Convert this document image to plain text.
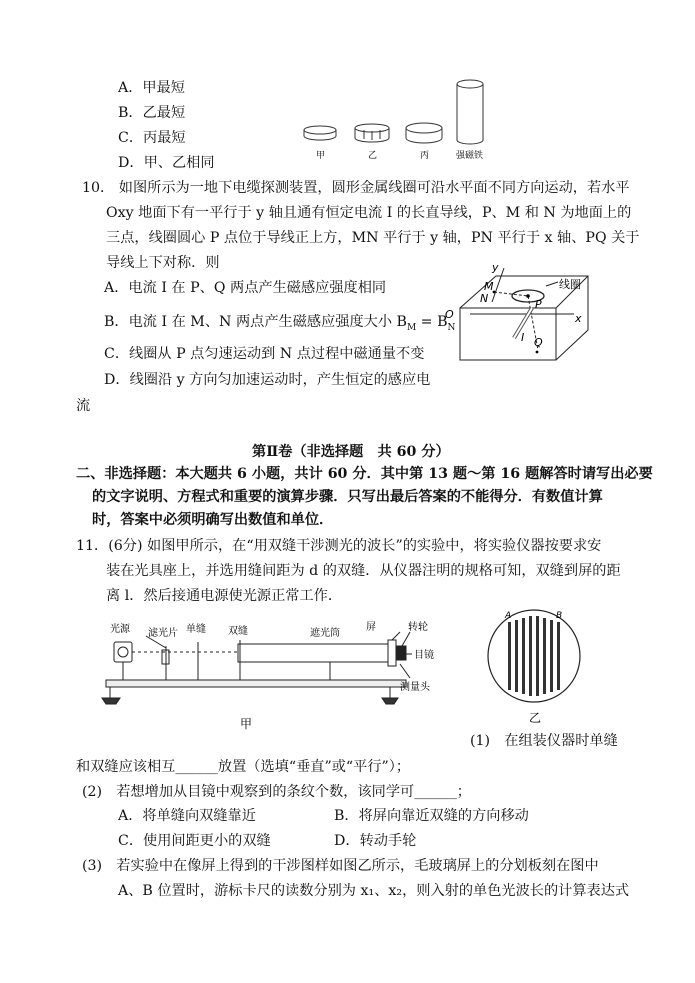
A．甲最短
B．乙最短
C．丙最短
D．甲、乙相同	甲	乙	丙	强磁铁
10． 如图所示为一地下电缆探测装置，圆形金属线圈可沿水平面不同方向运动，若水平
Oxy 地面下有一平行于 y 轴且通有恒定电流 I 的长直导线，P、M 和 N 为地面上的
三点，线圈圆心 P 点位于导线正上方，MN 平行于 y 轴，PN 平行于 x 轴、PQ 关于
导线上下对称．则
A．电流 I 在 P、Q 两点产生磁感应强度相同
B．电流 I 在 M、N 两点产生磁感应强度大小 $B_M = B_N$
C．线圈从 P 点匀速运动到 N 点过程中磁通量不变
D．线圈沿 y 方向匀加速运动时，产生恒定的感应电
流
y
M
N
线圈
P
O	x
I Q
第Ⅱ卷（非选择题　共 60 分）
二、非选择题：本大题共 6 小题，共计 60 分．其中第 13 题～第 16 题解答时请写出必要
的文字说明、方程式和重要的演算步骤．只写出最后答案的不能得分．有数值计算
时，答案中必须明确写出数值和单位．
11．(6分) 如图甲所示，在“用双缝干涉测光的波长”的实验中，将实验仪器按要求安
装在光具座上，并选用缝间距为 d 的双缝．从仪器注明的规格可知，双缝到屏的距
离 l．然后接通电源使光源正常工作．
光源 滤光片 单缝 双缝	遮光筒
屏	转轮
目镜
测量头
甲
A	B
乙
(1)　在组装仪器时单缝
和双缝应该相互______放置（选填“垂直”或“平行”）；
(2)　若想增加从目镜中观察到的条纹个数，该同学可______；
A．将单缝向双缝靠近	B．将屏向靠近双缝的方向移动
C．使用间距更小的双缝	D．转动手轮
(3)　若实验中在像屏上得到的干涉图样如图乙所示，毛玻璃屏上的分划板刻在图中
A、B 位置时，游标卡尺的读数分别为 x₁、x₂，则入射的单色光波长的计算表达式
